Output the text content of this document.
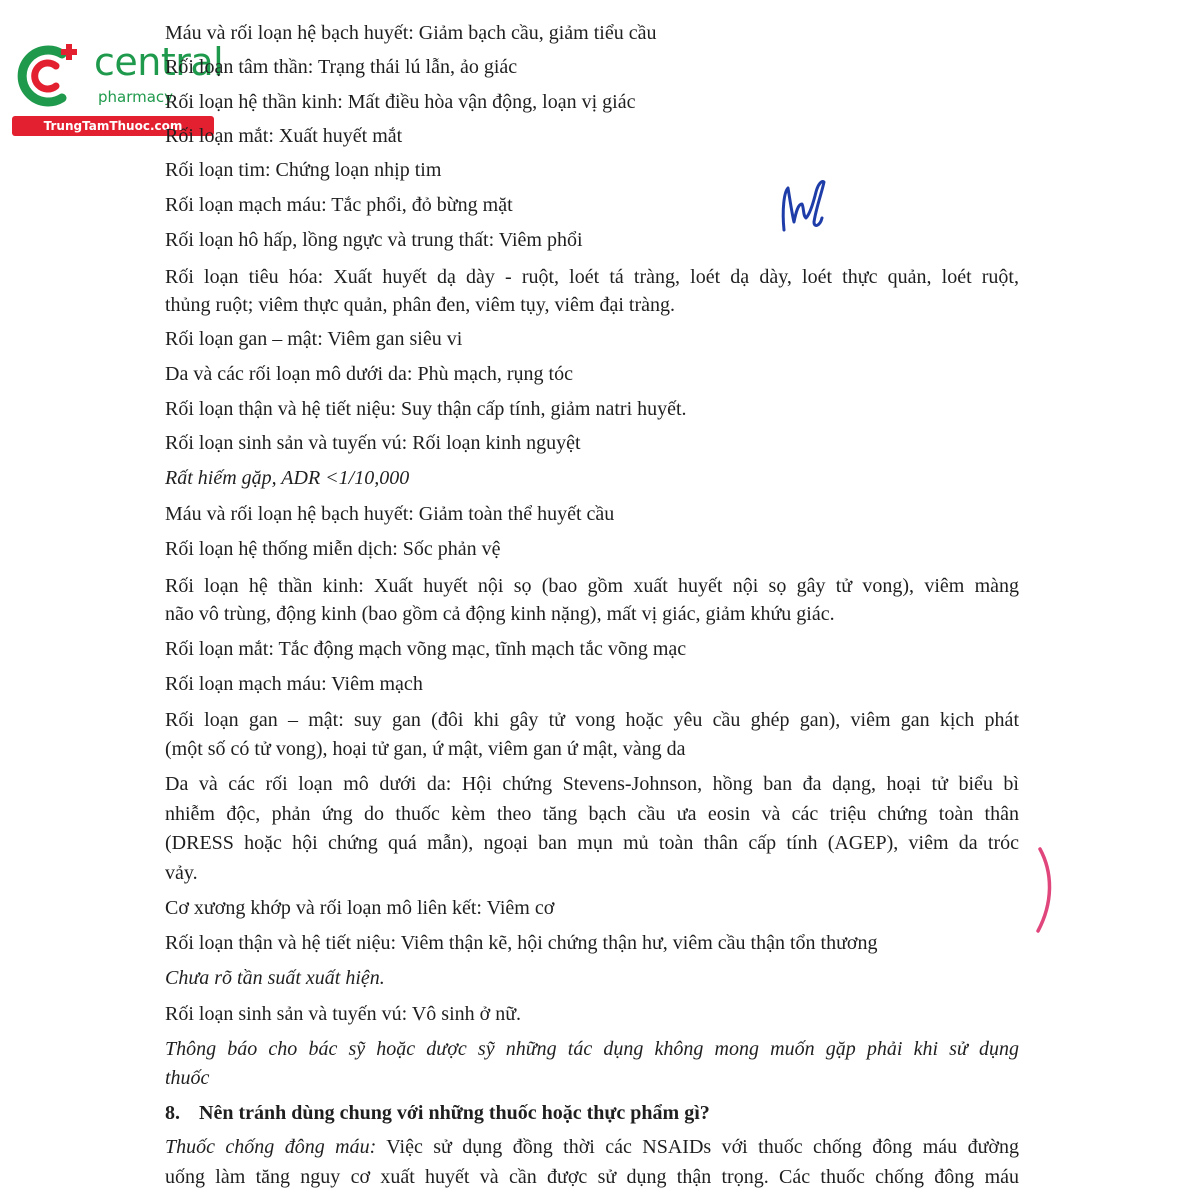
central
pharmacy
TrungTamThuoc.com
Máu và rối loạn hệ bạch huyết: Giảm bạch cầu, giảm tiểu cầu
Rối loạn tâm thần: Trạng thái lú lẫn, ảo giác
Rối loạn hệ thần kinh: Mất điều hòa vận động, loạn vị giác
Rối loạn mắt: Xuất huyết mắt
Rối loạn tim: Chứng loạn nhịp tim
Rối loạn mạch máu: Tắc phổi, đỏ bừng mặt
Rối loạn hô hấp, lồng ngực và trung thất: Viêm phổi
Rối loạn tiêu hóa: Xuất huyết dạ dày - ruột, loét tá tràng, loét dạ dày, loét thực quản, loét ruột,
thủng ruột; viêm thực quản, phân đen, viêm tụy, viêm đại tràng.
Rối loạn gan – mật: Viêm gan siêu vi
Da và các rối loạn mô dưới da: Phù mạch, rụng tóc
Rối loạn thận và hệ tiết niệu: Suy thận cấp tính, giảm natri huyết.
Rối loạn sinh sản và tuyến vú: Rối loạn kinh nguyệt
Rất hiếm gặp, ADR <1/10,000
Máu và rối loạn hệ bạch huyết: Giảm toàn thể huyết cầu
Rối loạn hệ thống miễn dịch: Sốc phản vệ
Rối loạn hệ thần kinh: Xuất huyết nội sọ (bao gồm xuất huyết nội sọ gây tử vong), viêm màng
não vô trùng, động kinh (bao gồm cả động kinh nặng), mất vị giác, giảm khứu giác.
Rối loạn mắt: Tắc động mạch võng mạc, tĩnh mạch tắc võng mạc
Rối loạn mạch máu: Viêm mạch
Rối loạn gan – mật: suy gan (đôi khi gây tử vong hoặc yêu cầu ghép gan), viêm gan kịch phát
(một số có tử vong), hoại tử gan, ứ mật, viêm gan ứ mật, vàng da
Da và các rối loạn mô dưới da: Hội chứng Stevens-Johnson, hồng ban đa dạng, hoại tử biểu bì
nhiễm độc, phản ứng do thuốc kèm theo tăng bạch cầu ưa eosin và các triệu chứng toàn thân
(DRESS hoặc hội chứng quá mẫn), ngoại ban mụn mủ toàn thân cấp tính (AGEP), viêm da tróc
vảy.
Cơ xương khớp và rối loạn mô liên kết: Viêm cơ
Rối loạn thận và hệ tiết niệu: Viêm thận kẽ, hội chứng thận hư, viêm cầu thận tổn thương
Chưa rõ tần suất xuất hiện.
Rối loạn sinh sản và tuyến vú: Vô sinh ở nữ.
Thông báo cho bác sỹ hoặc dược sỹ những tác dụng không mong muốn gặp phải khi sử dụng
thuốc
8. Nên tránh dùng chung với những thuốc hoặc thực phẩm gì?
Thuốc chống đông máu: Việc sử dụng đồng thời các NSAIDs với thuốc chống đông máu đường
uống làm tăng nguy cơ xuất huyết và cần được sử dụng thận trọng. Các thuốc chống đông máu
